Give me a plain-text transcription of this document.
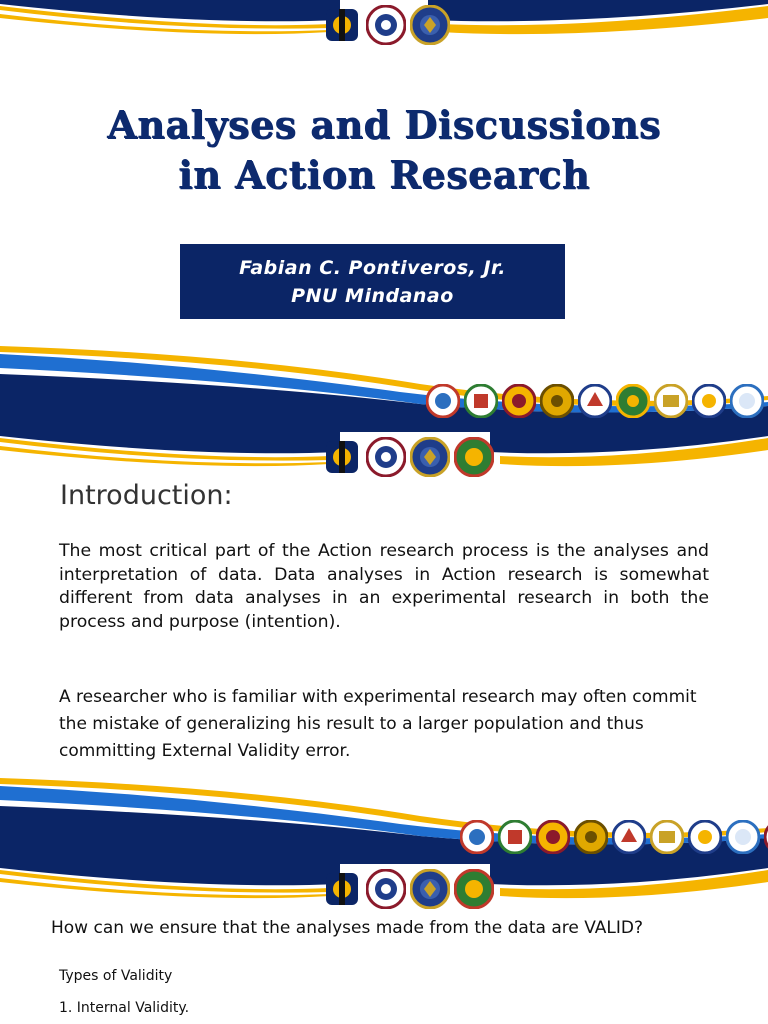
Analyses and Discussions
in Action Research
Fabian C. Pontiveros, Jr.
PNU Mindanao
Introduction:
The most critical part of the Action research process is the analyses and interpretation of data. Data analyses in Action research is somewhat different from data analyses in an experimental research in both the process and purpose (intention).
A researcher who is familiar with experimental research may often commit the mistake of generalizing his result to a larger population and thus committing External Validity error.
How can we ensure that the analyses made from the data are VALID?
Types of Validity
1. Internal Validity.
